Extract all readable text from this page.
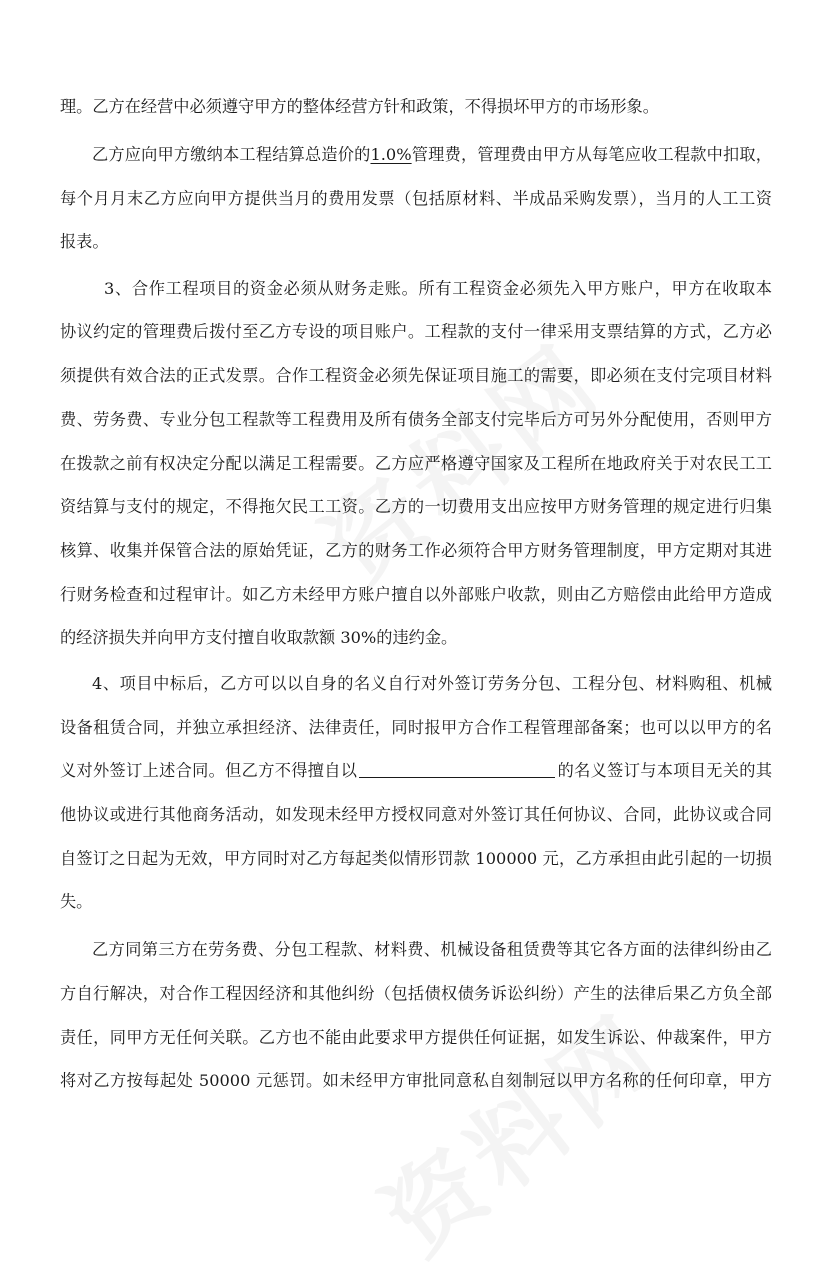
理。乙方在经营中必须遵守甲方的整体经营方针和政策，不得损坏甲方的市场形象。
乙方应向甲方缴纳本工程结算总造价的1.0%管理费，管理费由甲方从每笔应收工程款中扣取，
每个月月末乙方应向甲方提供当月的费用发票（包括原材料、半成品采购发票），当月的人工工资
报表。
3、合作工程项目的资金必须从财务走账。所有工程资金必须先入甲方账户，甲方在收取本
协议约定的管理费后拨付至乙方专设的项目账户。工程款的支付一律采用支票结算的方式，乙方必
须提供有效合法的正式发票。合作工程资金必须先保证项目施工的需要，即必须在支付完项目材料
费、劳务费、专业分包工程款等工程费用及所有债务全部支付完毕后方可另外分配使用，否则甲方
在拨款之前有权决定分配以满足工程需要。乙方应严格遵守国家及工程所在地政府关于对农民工工
资结算与支付的规定，不得拖欠民工工资。乙方的一切费用支出应按甲方财务管理的规定进行归集
核算、收集并保管合法的原始凭证，乙方的财务工作必须符合甲方财务管理制度，甲方定期对其进
行财务检查和过程审计。如乙方未经甲方账户擅自以外部账户收款，则由乙方赔偿由此给甲方造成
的经济损失并向甲方支付擅自收取款额 30%的违约金。
4、项目中标后，乙方可以以自身的名义自行对外签订劳务分包、工程分包、材料购租、机械
设备租赁合同，并独立承担经济、法律责任，同时报甲方合作工程管理部备案；也可以以甲方的名
义对外签订上述合同。但乙方不得擅自以	的名义签订与本项目无关的其
他协议或进行其他商务活动，如发现未经甲方授权同意对外签订其任何协议、合同，此协议或合同
自签订之日起为无效，甲方同时对乙方每起类似情形罚款 100000 元，乙方承担由此引起的一切损
失。
乙方同第三方在劳务费、分包工程款、材料费、机械设备租赁费等其它各方面的法律纠纷由乙
方自行解决，对合作工程因经济和其他纠纷（包括债权债务诉讼纠纷）产生的法律后果乙方负全部
责任，同甲方无任何关联。乙方也不能由此要求甲方提供任何证据，如发生诉讼、仲裁案件，甲方
将对乙方按每起处 50000 元惩罚。如未经甲方审批同意私自刻制冠以甲方名称的任何印章，甲方
